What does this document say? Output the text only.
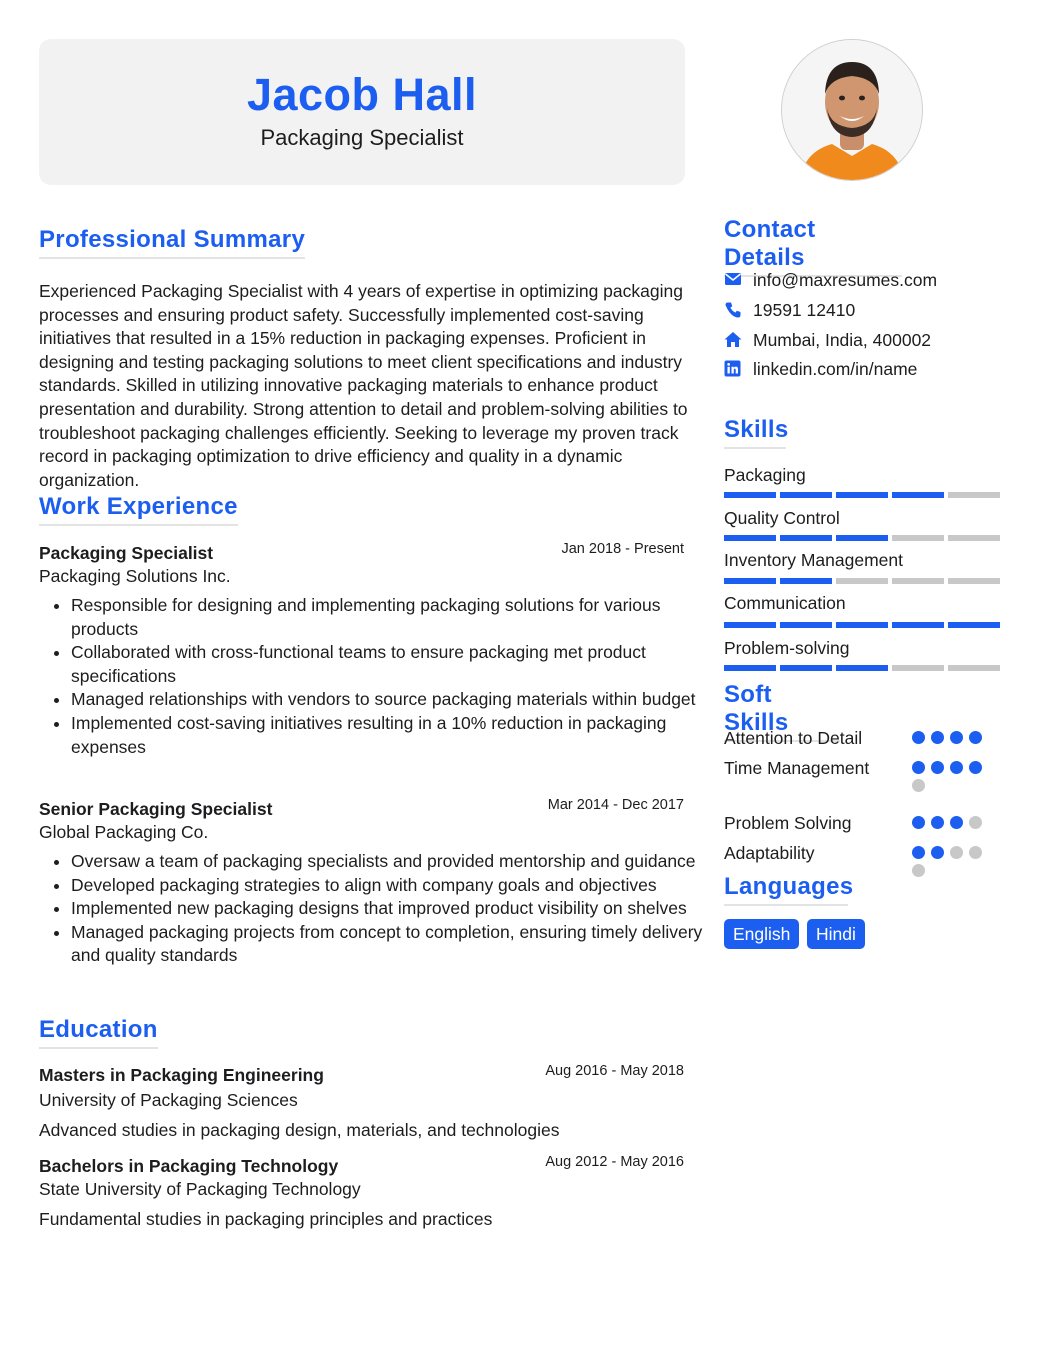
Jacob Hall
Packaging Specialist
Professional Summary
Experienced Packaging Specialist with 4 years of expertise in optimizing packaging processes and ensuring product safety. Successfully implemented cost-saving initiatives that resulted in a 15% reduction in packaging expenses. Proficient in designing and testing packaging solutions to meet client specifications and industry standards. Skilled in utilizing innovative packaging materials to enhance product presentation and durability. Strong attention to detail and problem-solving abilities to troubleshoot packaging challenges efficiently. Seeking to leverage my proven track record in packaging optimization to drive efficiency and quality in a dynamic organization.
Work Experience
Packaging Specialist	Jan 2018 - Present
Packaging Solutions Inc.
• Responsible for designing and implementing packaging solutions for various products
• Collaborated with cross-functional teams to ensure packaging met product specifications
• Managed relationships with vendors to source packaging materials within budget
• Implemented cost-saving initiatives resulting in a 10% reduction in packaging expenses
Senior Packaging Specialist	Mar 2014 - Dec 2017
Global Packaging Co.
• Oversaw a team of packaging specialists and provided mentorship and guidance
• Developed packaging strategies to align with company goals and objectives
• Implemented new packaging designs that improved product visibility on shelves
• Managed packaging projects from concept to completion, ensuring timely delivery and quality standards
Education
Masters in Packaging Engineering	Aug 2016 - May 2018
University of Packaging Sciences
Advanced studies in packaging design, materials, and technologies
Bachelors in Packaging Technology	Aug 2012 - May 2016
State University of Packaging Technology
Fundamental studies in packaging principles and practices
Contact Details
info@maxresumes.com
19591 12410
Mumbai, India, 400002
linkedin.com/in/name
Skills
Packaging
Quality Control
Inventory Management
Communication
Problem-solving
Soft Skills
Attention to Detail
Time Management
Problem Solving
Adaptability
Languages
English	Hindi
